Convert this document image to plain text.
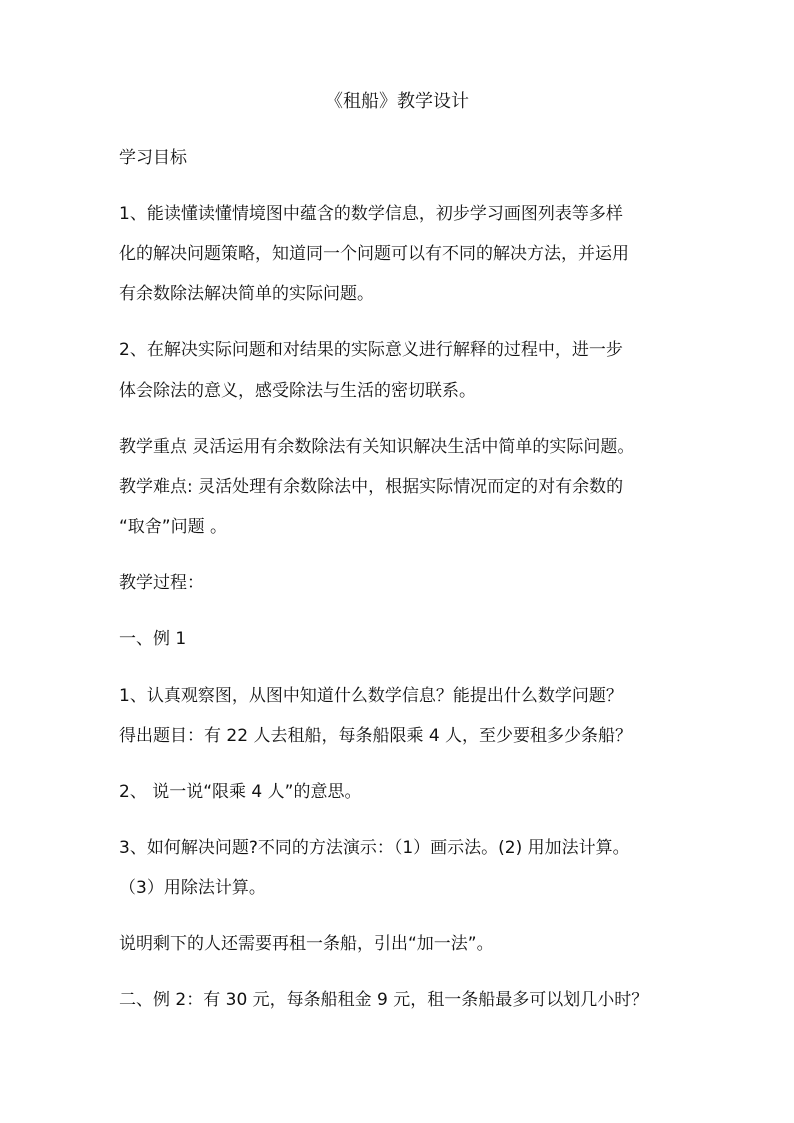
《租船》教学设计
学习目标
1、能读懂读懂情境图中蕴含的数学信息，初步学习画图列表等多样
化的解决问题策略，知道同一个问题可以有不同的解决方法，并运用
有余数除法解决简单的实际问题。
2、在解决实际问题和对结果的实际意义进行解释的过程中，进一步
体会除法的意义，感受除法与生活的密切联系。
教学重点 灵活运用有余数除法有关知识解决生活中简单的实际问题。
教学难点: 灵活处理有余数除法中，根据实际情况而定的对有余数的
“取舍”问题 。
教学过程：
一、例 1
1、认真观察图，从图中知道什么数学信息？能提出什么数学问题？
得出题目：有 22 人去租船，每条船限乘 4 人，至少要租多少条船？
2、 说一说“限乘 4 人”的意思。
3、如何解决问题?不同的方法演示：（1）画示法。(2) 用加法计算。
（3）用除法计算。
说明剩下的人还需要再租一条船，引出“加一法”。
二、例 2：有 30 元，每条船租金 9 元，租一条船最多可以划几小时？
